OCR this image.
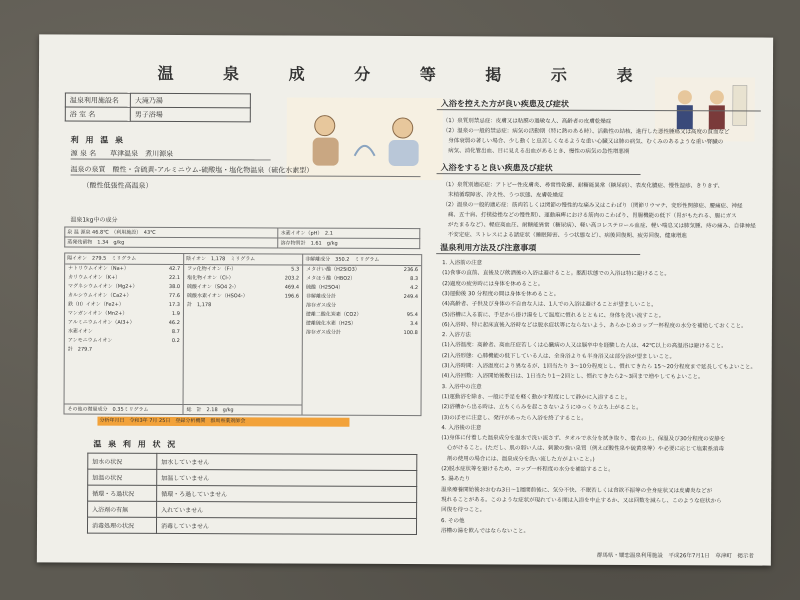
温 泉 成 分 等 掲 示 表
温泉利用施設名	大滝乃湯
浴 室 名	男子浴場
利 用 温 泉
源 泉 名　　 草津温泉　煮川源泉
温泉の泉質　 酸性・含硫黄-アルミニウム-硫酸塩・塩化物温泉（硫化水素型）
（酸性低張性高温泉）
温泉1kg中の成分
泉 温 源泉 46.8℃　（利用施設）　43℃	水素イオン（pH）　2.1
蒸発残留物　1.34　g/kg	溶存物質計　1.61　g/kg
陽イオン　279.5　ミリグラム
ナトリウムイオン（Na+）	42.7
カリウムイオン（K+）	22.1
マグネシウムイオン（Mg2+）	38.0
カルシウムイオン（Ca2+）	77.6
鉄（II）イオン（Fe2+）	17.3
マンガンイオン（Mn2+）	1.9
アルミニウムイオン（Al3+）	46.2
水素イオン	8.7
アンモニウムイオン	0.2
計　279.7
その他の微量成分　0.35ミリグラム
陰イオン　1,178　ミリグラム
フッ化物イオン（F-）	5.3
塩化物イオン（Cl-）	203.2
硫酸イオン（SO4 2-）	469.4
硫酸水素イオン（HSO4-）	196.6
計　1,178
総　計　2.18　g/kg
非解離成分　350.2　ミリグラム
メタけい酸（H2SiO3）	236.6
メタほう酸（HBO2）	8.3
硫酸（H2SO4）	4.2
非解離成分計	249.4
溶存ガス成分
遊離二酸化炭素（CO2）	95.4
遊離硫化水素（H2S）	3.4
溶存ガス成分計	100.8
分析年月日　令和3年 7月 25日　登録分析機関　群馬県薬剤師会
温 泉 利 用 状 況
加水の状況	加水していません
加温の状況	加温していません
循環・ろ過状況	循環・ろ過していません
入浴剤の有無	入れていません
消毒処理の状況	消毒していません
入浴を控えた方が良い疾患及び症状
（1）泉質別禁忌症：皮膚又は粘膜の過敏な人、高齢者の皮膚乾燥症
（2）温泉の一般的禁忌症：病気の活動期（特に熱のある時）、活動性の結核、進行した悪性腫瘍又は高度の貧血など
　身体衰弱の著しい場合、少し動くと息苦しくなるような重い心臓又は肺の病気、むくみのあるような重い腎臓の
　病気、消化管出血、目に見える出血があるとき、慢性の病気の急性増悪期
入浴をすると良い疾患及び症状
（1）泉質別適応症：アトピー性皮膚炎、尋常性乾癬、耐糖能異常（糖尿病）、表皮化膿症、慢性湿疹、きりきず、
　末梢循環障害、冷え性、うつ状態、皮膚乾燥症
（2）温泉の一般的適応症：筋肉若しくは関節の慢性的な痛み又はこわばり（関節リウマチ、変形性関節症、腰痛症、神経
　痛、五十肩、打撲捻挫などの慢性期）、運動麻痺における筋肉のこわばり、胃腸機能の低下（胃がもたれる、腸にガス
　がたまるなど）、軽症高血圧、耐糖能異常（糖尿病）、軽い高コレステロール血症、軽い喘息又は肺気腫、痔の痛み、自律神経
　不安定症、ストレスによる諸症状（睡眠障害、うつ状態など）、病後回復期、疲労回復、健康増進
温泉利用方法及び注意事項
1. 入浴前の注意
(1)食事の直前、直後及び飲酒後の入浴は避けること。酩酊状態での入浴は特に避けること。
(2)過度の疲労時には身体を休めること。
(3)運動後 30 分程度の間は身体を休めること。
(4)高齢者、子供及び身体の不自由な人は、1人での入浴は避けることが望ましいこと。
(5)浴槽に入る前に、手足から掛け湯をして温度に慣れるとともに、身体を洗い流すこと。
(6)入浴時、特に起床直後入浴時などは脱水症状等にならないよう、あらかじめコップ一杯程度の水分を補給しておくこと。
2. 入浴方法
(1)入浴温度：高齢者、高血圧症若しくは心臓病の人又は脳卒中を経験した人は、42℃以上の高温浴は避けること。
(2)入浴形態：心肺機能の低下している人は、全身浴よりも半身浴又は部分浴が望ましいこと。
(3)入浴時間：入浴温度により異なるが、1回当たり 3～10分程度とし、慣れてきたら 15～20分程度まで延長してもよいこと。
(4)入浴回数：入浴開始後数日は、1日当たり1～2回とし、慣れてきたら2～3回まで増やしてもよいこと。
3. 入浴中の注意
(1)運動浴を除き、一般に手足を軽く動かす程度にして静かに入浴すること。
(2)浴槽から出る時は、立ちくらみを起こさないようにゆっくり立ち上がること。
(3)のぼせに注意し、発汗があったら入浴を終了すること。
4. 入浴後の注意
(1)身体に付着した温泉成分を温水で洗い流さず、タオルで水分を拭き取り、着衣の上、保温及び30分程度の安静を
　心がけること。(ただし、肌の弱い人は、刺激の強い泉質（例えば酸性泉や硫黄泉等）や必要に応じて塩素系消毒
　剤の使用の場合には、温泉成分を洗い流した方がよいこと。)
(2)脱水症状等を避けるため、コップ一杯程度の水分を補給すること。
5. 湯あたり
温泉療養開始後おおむね3日～1週間前後に、気分不快、不眠若しくは食欲不振等の全身症状又は皮膚炎などが
現れることがある。このような症状が現れている間は入浴を中止するか、又は回数を減らし、このような症状から
回復を待つこと。
6. その他
浴槽の湯を飲んではならないこと。
群馬県・嬬恋温泉利用施設　平成26年7月1日　草津町　掲示者
